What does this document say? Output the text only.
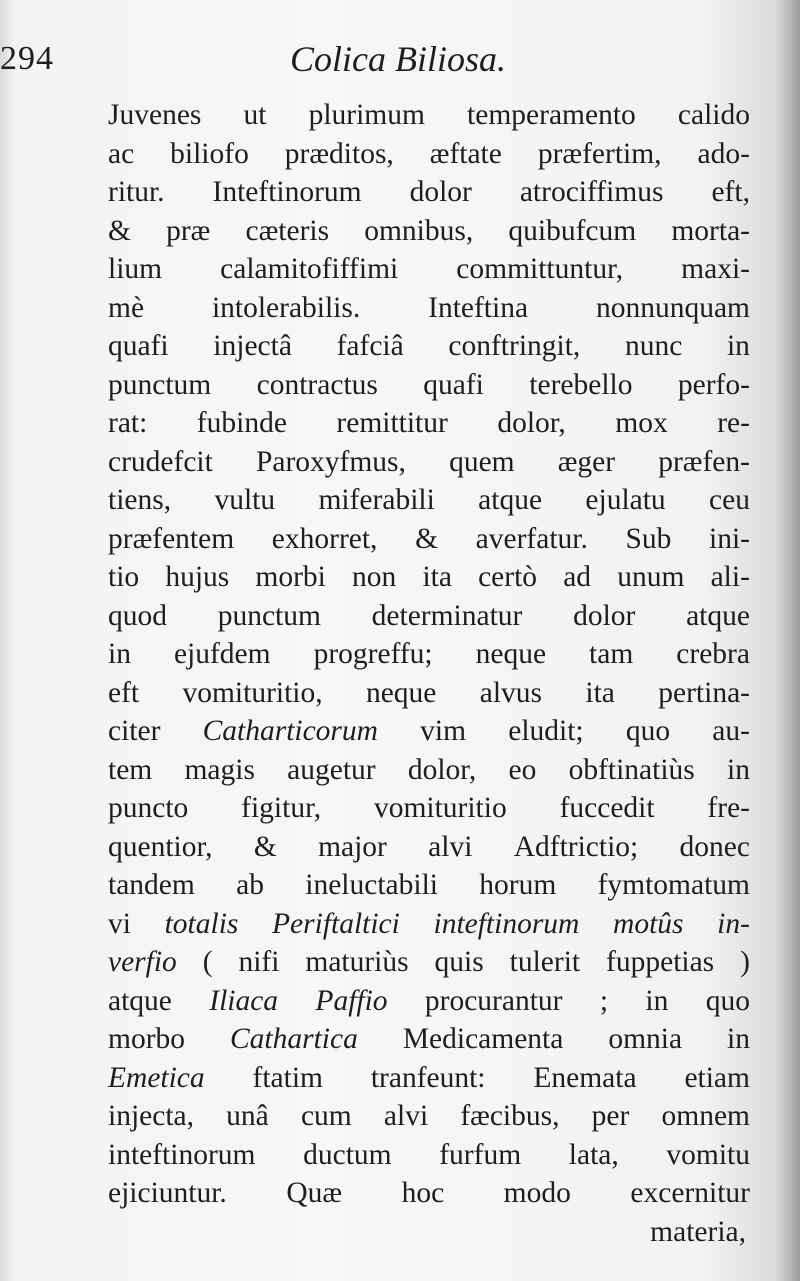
294	Colica Biliosa.
Juvenes ut plurimum temperamento calido
ac biliofo præditos, æftate præfertim, ado-
ritur. Inteftinorum dolor atrociffimus eft,
& præ cæteris omnibus, quibufcum morta-
lium calamitofiffimi committuntur, maxi-
mè intolerabilis. Inteftina nonnunquam
quafi injectâ fafciâ conftringit, nunc in
punctum contractus quafi terebello perfo-
rat: fubinde remittitur dolor, mox re-
crudefcit Paroxyfmus, quem æger præfen-
tiens, vultu miferabili atque ejulatu ceu
præfentem exhorret, & averfatur. Sub ini-
tio hujus morbi non ita certò ad unum ali-
quod punctum determinatur dolor atque
in ejufdem progreffu; neque tam crebra
eft vomituritio, neque alvus ita pertina-
citer Catharticorum vim eludit; quo au-
tem magis augetur dolor, eo obftinatiùs in
puncto figitur, vomituritio fuccedit fre-
quentior, & major alvi Adftrictio; donec
tandem ab ineluctabili horum fymtomatum
vi totalis Periftaltici inteftinorum motûs in-
verfio ( nifi maturiùs quis tulerit fuppetias )
atque Iliaca Paffio procurantur ; in quo
morbo Cathartica Medicamenta omnia in
Emetica ftatim tranfeunt: Enemata etiam
injecta, unâ cum alvi fæcibus, per omnem
inteftinorum ductum furfum lata, vomitu
ejiciuntur. Quæ hoc modo excernitur
materia,
